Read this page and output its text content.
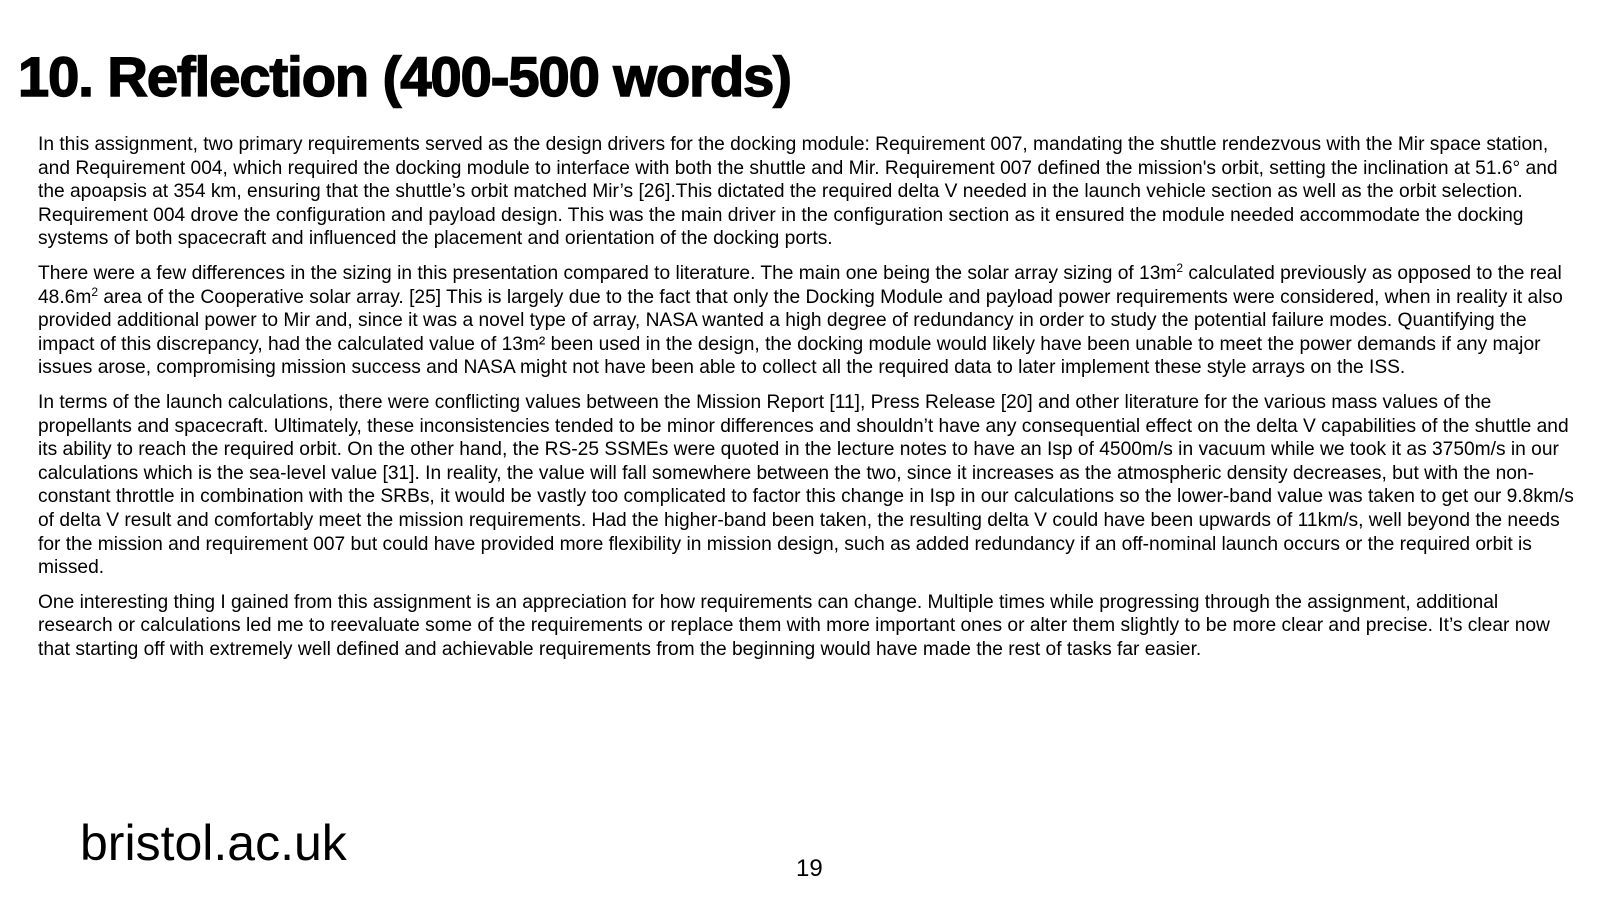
10. Reflection (400-500 words)

In this assignment, two primary requirements served as the design drivers for the docking module: Requirement 007, mandating the shuttle rendezvous with the Mir space station, and Requirement 004, which required the docking module to interface with both the shuttle and Mir. Requirement 007 defined the mission's orbit, setting the inclination at 51.6° and the apoapsis at 354 km, ensuring that the shuttle’s orbit matched Mir’s [26].This dictated the required delta V needed in the launch vehicle section as well as the orbit selection. Requirement 004 drove the configuration and payload design. This was the main driver in the configuration section as it ensured the module needed accommodate the docking systems of both spacecraft and influenced the placement and orientation of the docking ports.

There were a few differences in the sizing in this presentation compared to literature. The main one being the solar array sizing of $13m^2$ calculated previously as opposed to the real $48.6m^2$ area of the Cooperative solar array. [25] This is largely due to the fact that only the Docking Module and payload power requirements were considered, when in reality it also provided additional power to Mir and, since it was a novel type of array, NASA wanted a high degree of redundancy in order to study the potential failure modes. Quantifying the impact of this discrepancy, had the calculated value of 13m² been used in the design, the docking module would likely have been unable to meet the power demands if any major issues arose, compromising mission success and NASA might not have been able to collect all the required data to later implement these style arrays on the ISS.

In terms of the launch calculations, there were conflicting values between the Mission Report [11], Press Release [20] and other literature for the various mass values of the propellants and spacecraft. Ultimately, these inconsistencies tended to be minor differences and shouldn’t have any consequential effect on the delta V capabilities of the shuttle and its ability to reach the required orbit. On the other hand, the RS-25 SSMEs were quoted in the lecture notes to have an Isp of 4500m/s in vacuum while we took it as 3750m/s in our calculations which is the sea-level value [31]. In reality, the value will fall somewhere between the two, since it increases as the atmospheric density decreases, but with the non-constant throttle in combination with the SRBs, it would be vastly too complicated to factor this change in Isp in our calculations so the lower-band value was taken to get our 9.8km/s of delta V result and comfortably meet the mission requirements. Had the higher-band been taken, the resulting delta V could have been upwards of 11km/s, well beyond the needs for the mission and requirement 007 but could have provided more flexibility in mission design, such as added redundancy if an off-nominal launch occurs or the required orbit is missed.

One interesting thing I gained from this assignment is an appreciation for how requirements can change. Multiple times while progressing through the assignment, additional research or calculations led me to reevaluate some of the requirements or replace them with more important ones or alter them slightly to be more clear and precise. It’s clear now that starting off with extremely well defined and achievable requirements from the beginning would have made the rest of tasks far easier.

bristol.ac.uk	19
